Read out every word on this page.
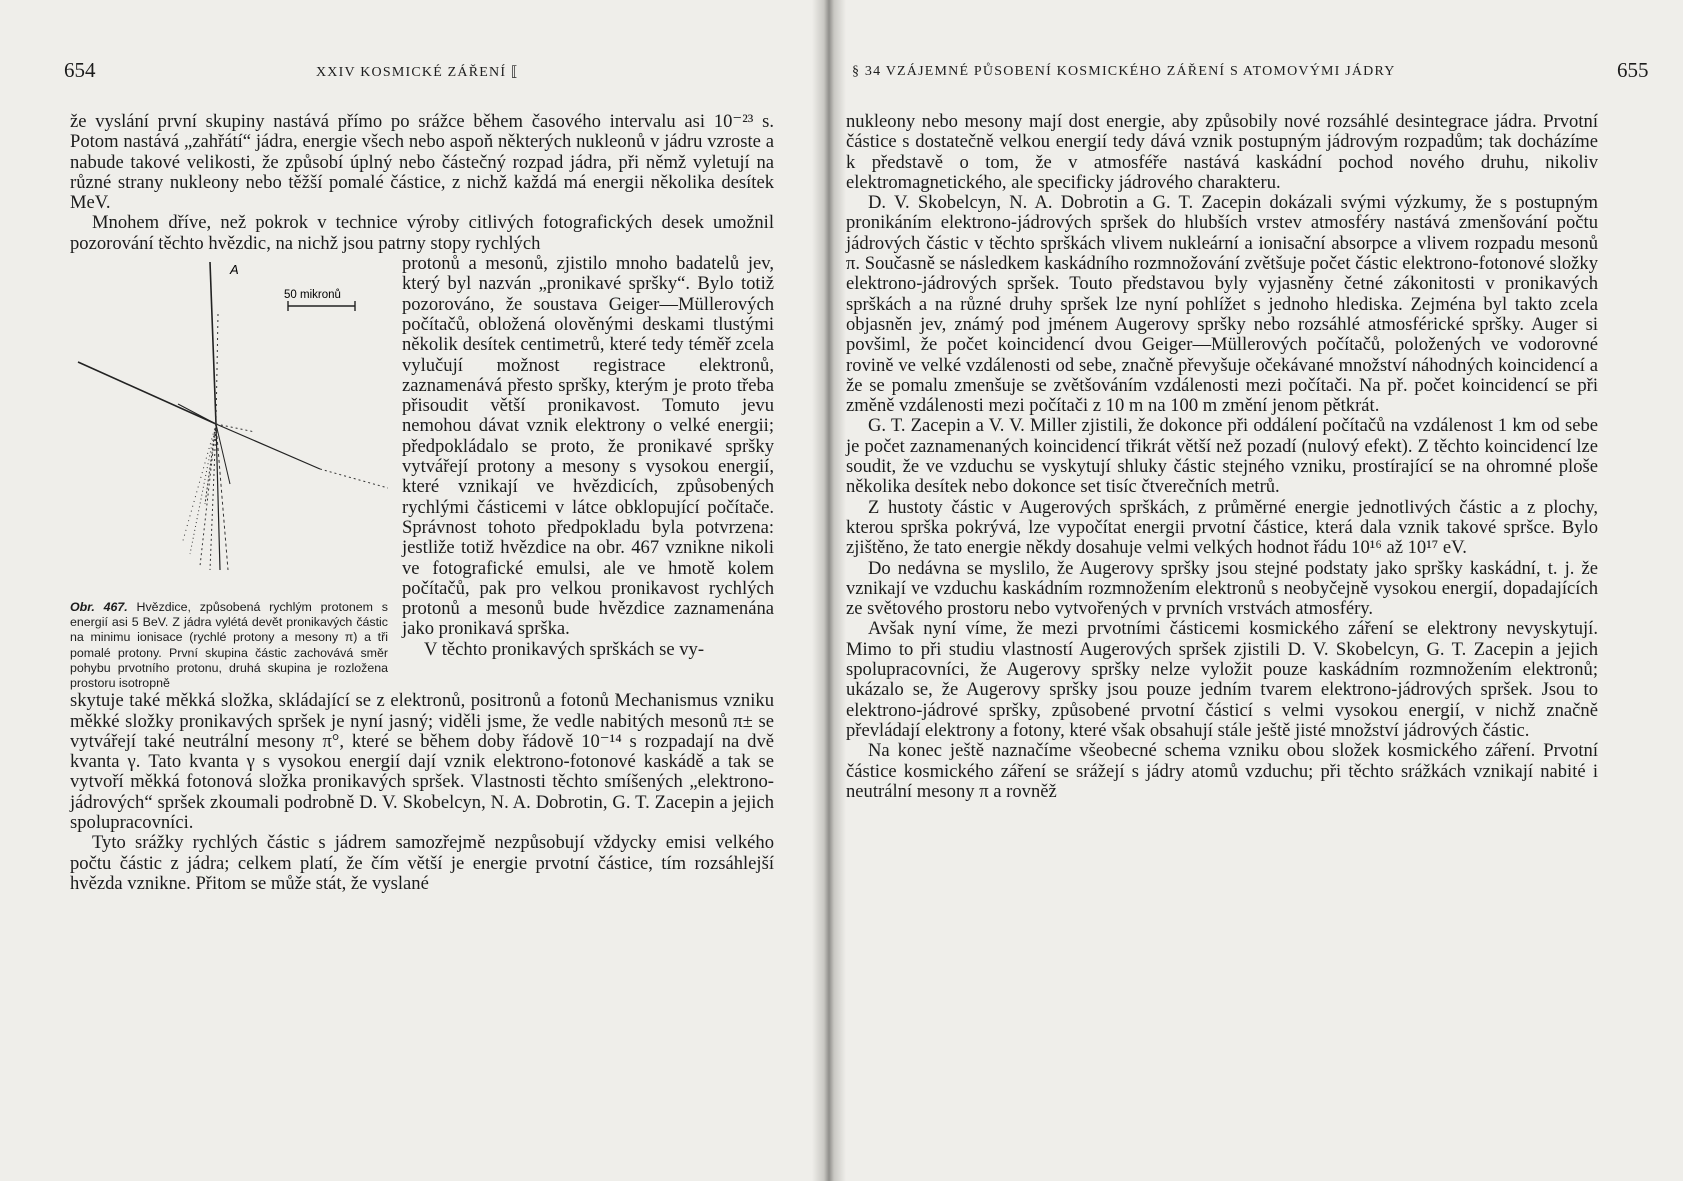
654	XXIV KOSMICKÉ ZÁŘENÍ ⟦

že vyslání první skupiny nastává přímo po srážce během časového intervalu asi 10⁻²³ s. Potom nastává „zahřátí“ jádra, energie všech nebo aspoň některých nukleonů v jádru vzroste a nabude takové velikosti, že způsobí úplný nebo částečný rozpad jádra, při němž vyletují na různé strany nukleony nebo těžší pomalé částice, z nichž každá má energii několika desítek MeV.

Mnohem dříve, než pokrok v technice výroby citlivých fotografických desek umožnil pozorování těchto hvězdic, na nichž jsou patrny stopy rychlých

A
50 mikronů
Obr. 467. Hvězdice, způsobená rychlým protonem s energií asi 5 BeV. Z jádra vylétá devět pronikavých částic na minimu ionisace (rychlé protony a mesony π) a tři pomalé protony. První skupina částic zachovává směr pohybu prvotního protonu, druhá skupina je rozložena prostoru isotropně

protonů a mesonů, zjistilo mnoho badatelů jev, který byl nazván „pronikavé spršky“. Bylo totiž pozorováno, že soustava Geiger—Müllerových počítačů, obložená olověnými deskami tlustými několik desítek centimetrů, které tedy téměř zcela vylučují možnost registrace elektronů, zaznamenává přesto spršky, kterým je proto třeba přisoudit větší pronikavost. Tomuto jevu nemohou dávat vznik elektrony o velké energii; předpokládalo se proto, že pronikavé spršky vytvářejí protony a mesony s vysokou energií, které vznikají ve hvězdicích, způsobených rychlými částicemi v látce obklopující počítače. Správnost tohoto předpokladu byla potvrzena: jestliže totiž hvězdice na obr. 467 vznikne nikoli ve fotografické emulsi, ale ve hmotě kolem počítačů, pak pro velkou pronikavost rychlých protonů a mesonů bude hvězdice zaznamenána jako pronikavá sprška.

V těchto pronikavých sprškách se vy-

skytuje také měkká složka, skládající se z elektronů, positronů a fotonů Mechanismus vzniku měkké složky pronikavých spršek je nyní jasný; viděli jsme, že vedle nabitých mesonů π± se vytvářejí také neutrální mesony π°, které se během doby řádově 10⁻¹⁴ s rozpadají na dvě kvanta γ. Tato kvanta γ s vysokou energií dají vznik elektrono-fotonové kaskádě a tak se vytvoří měkká fotonová složka pronikavých spršek. Vlastnosti těchto smíšených „elektrono-jádrových“ spršek zkoumali podrobně D. V. Skobelcyn, N. A. Dobrotin, G. T. Zacepin a jejich spolupracovníci.

Tyto srážky rychlých částic s jádrem samozřejmě nezpůsobují vždycky emisi velkého počtu částic z jádra; celkem platí, že čím větší je energie prvotní částice, tím rozsáhlejší hvězda vznikne. Přitom se může stát, že vyslané

§ 34 VZÁJEMNÉ PŮSOBENÍ KOSMICKÉHO ZÁŘENÍ S ATOMOVÝMI JÁDRY	655

nukleony nebo mesony mají dost energie, aby způsobily nové rozsáhlé desintegrace jádra. Prvotní částice s dostatečně velkou energií tedy dává vznik postupným jádrovým rozpadům; tak docházíme k představě o tom, že v atmosféře nastává kaskádní pochod nového druhu, nikoliv elektromagnetického, ale specificky jádrového charakteru.

D. V. Skobelcyn, N. A. Dobrotin a G. T. Zacepin dokázali svými výzkumy, že s postupným pronikáním elektrono-jádrových spršek do hlubších vrstev atmosféry nastává zmenšování počtu jádrových částic v těchto sprškách vlivem nukleární a ionisační absorpce a vlivem rozpadu mesonů π. Současně se následkem kaskádního rozmnožování zvětšuje počet částic elektrono-fotonové složky elektrono-jádrových spršek. Touto představou byly vyjasněny četné zákonitosti v pronikavých sprškách a na různé druhy spršek lze nyní pohlížet s jednoho hlediska. Zejména byl takto zcela objasněn jev, známý pod jménem Augerovy spršky nebo rozsáhlé atmosférické spršky. Auger si povšiml, že počet koincidencí dvou Geiger—Müllerových počítačů, položených ve vodorovné rovině ve velké vzdálenosti od sebe, značně převyšuje očekávané množství náhodných koincidencí a že se pomalu zmenšuje se zvětšováním vzdálenosti mezi počítači. Na př. počet koincidencí se při změně vzdálenosti mezi počítači z 10 m na 100 m změní jenom pětkrát.

G. T. Zacepin a V. V. Miller zjistili, že dokonce při oddálení počítačů na vzdálenost 1 km od sebe je počet zaznamenaných koincidencí třikrát větší než pozadí (nulový efekt). Z těchto koincidencí lze soudit, že ve vzduchu se vyskytují shluky částic stejného vzniku, prostírající se na ohromné ploše několika desítek nebo dokonce set tisíc čtverečních metrů.

Z hustoty částic v Augerových sprškách, z průměrné energie jednotlivých částic a z plochy, kterou sprška pokrývá, lze vypočítat energii prvotní částice, která dala vznik takové spršce. Bylo zjištěno, že tato energie někdy dosahuje velmi velkých hodnot řádu 10¹⁶ až 10¹⁷ eV.

Do nedávna se myslilo, že Augerovy spršky jsou stejné podstaty jako spršky kaskádní, t. j. že vznikají ve vzduchu kaskádním rozmnožením elektronů s neobyčejně vysokou energií, dopadajících ze světového prostoru nebo vytvořených v prvních vrstvách atmosféry.

Avšak nyní víme, že mezi prvotními částicemi kosmického záření se elektrony nevyskytují. Mimo to při studiu vlastností Augerových spršek zjistili D. V. Skobelcyn, G. T. Zacepin a jejich spolupracovníci, že Augerovy spršky nelze vyložit pouze kaskádním rozmnožením elektronů; ukázalo se, že Augerovy spršky jsou pouze jedním tvarem elektrono-jádrových spršek. Jsou to elektrono-jádrové spršky, způsobené prvotní částicí s velmi vysokou energií, v nichž značně převládají elektrony a fotony, které však obsahují stále ještě jisté množství jádrových částic.

Na konec ještě naznačíme všeobecné schema vzniku obou složek kosmického záření. Prvotní částice kosmického záření se srážejí s jádry atomů vzduchu; při těchto srážkách vznikají nabité i neutrální mesony π a rovněž
